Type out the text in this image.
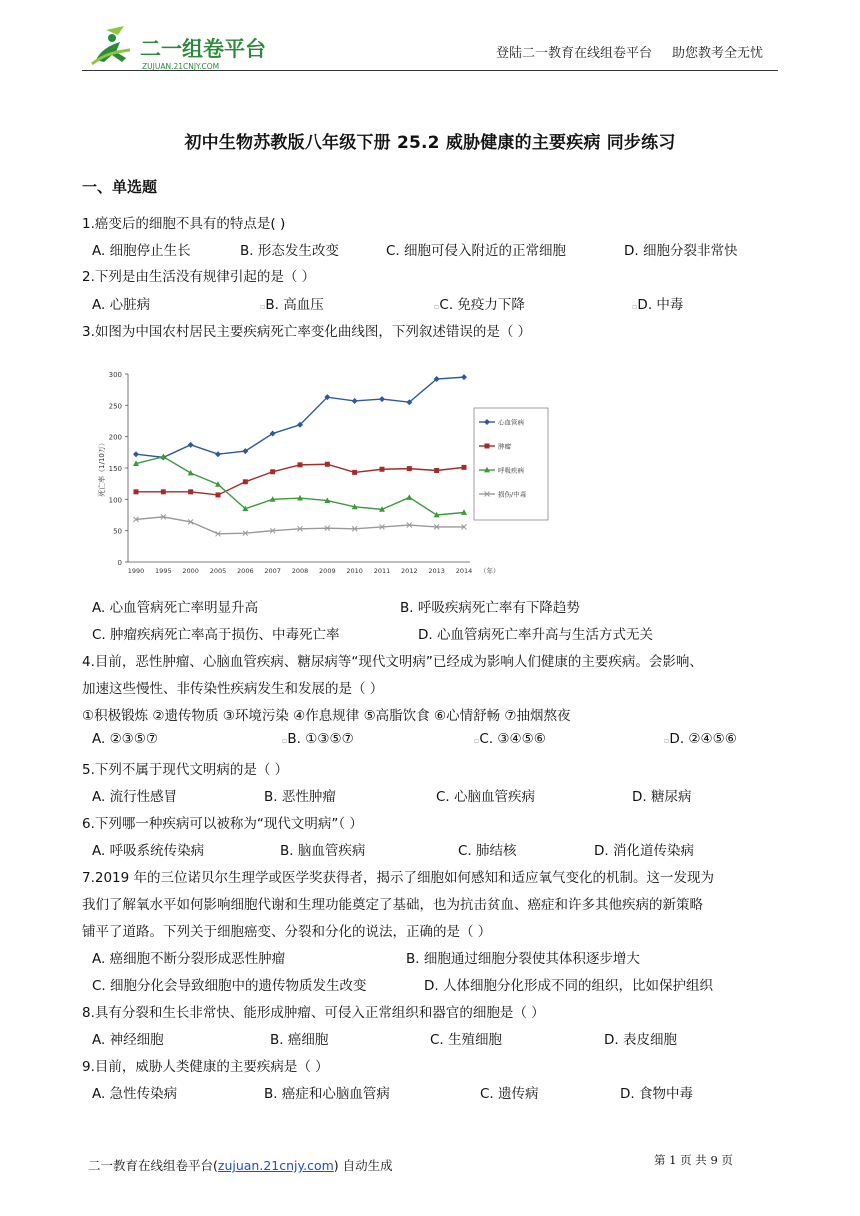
二一组卷平台
ZUJUAN.21CNJY.COM
登陆二一教育在线组卷平台 助您教考全无忧
初中生物苏教版八年级下册 25.2 威胁健康的主要疾病 同步练习
一、单选题
1.癌变后的细胞不具有的特点是( )
A. 细胞停止生长	B. 形态发生改变	C. 细胞可侵入附近的正常细胞	D. 细胞分裂非常快
2.下列是由生活没有规律引起的是（ ）
A. 心脏病	▫B. 高血压	▫C. 免疫力下降	▫D. 中毒
3.如图为中国农村居民主要疾病死亡率变化曲线图，下列叙述错误的是（ ）
0
50
100
150
200
250
300
1990 1995 2000 2005 2006 2007 2008 2009 2010 2011 2012 2013 2014 （年）
死亡率（1/10万）
心血管病
肿瘤
呼吸疾病
损伤/中毒
A. 心血管病死亡率明显升高	B. 呼吸疾病死亡率有下降趋势
C. 肿瘤疾病死亡率高于损伤、中毒死亡率	D. 心血管病死亡率升高与生活方式无关
4.目前，恶性肿瘤、心脑血管疾病、糖尿病等“现代文明病”已经成为影响人们健康的主要疾病。会影响、
加速这些慢性、非传染性疾病发生和发展的是（ ）
①积极锻炼 ②遗传物质 ③环境污染 ④作息规律 ⑤高脂饮食 ⑥心情舒畅 ⑦抽烟熬夜
A. ②③⑤⑦	▫B. ①③⑤⑦	▫C. ③④⑤⑥	▫D. ②④⑤⑥
5.下列不属于现代文明病的是（ ）
A. 流行性感冒	B. 恶性肿瘤	C. 心脑血管疾病	D. 糖尿病
6.下列哪一种疾病可以被称为“现代文明病”（ ）
A. 呼吸系统传染病	B. 脑血管疾病	C. 肺结核	D. 消化道传染病
7.2019 年的三位诺贝尔生理学或医学奖获得者，揭示了细胞如何感知和适应氧气变化的机制。这一发现为
我们了解氧水平如何影响细胞代谢和生理功能奠定了基础，也为抗击贫血、癌症和许多其他疾病的新策略
铺平了道路。下列关于细胞癌变、分裂和分化的说法，正确的是（ ）
A. 癌细胞不断分裂形成恶性肿瘤	B. 细胞通过细胞分裂使其体积逐步增大
C. 细胞分化会导致细胞中的遗传物质发生改变	D. 人体细胞分化形成不同的组织，比如保护组织
8.具有分裂和生长非常快、能形成肿瘤、可侵入正常组织和器官的细胞是（ ）
A. 神经细胞	B. 癌细胞	C. 生殖细胞	D. 表皮细胞
9.目前，威胁人类健康的主要疾病是（ ）
A. 急性传染病	B. 癌症和心脑血管病	C. 遗传病	D. 食物中毒
二一教育在线组卷平台(zujuan.21cnjy.com) 自动生成	第 1 页 共 9 页
